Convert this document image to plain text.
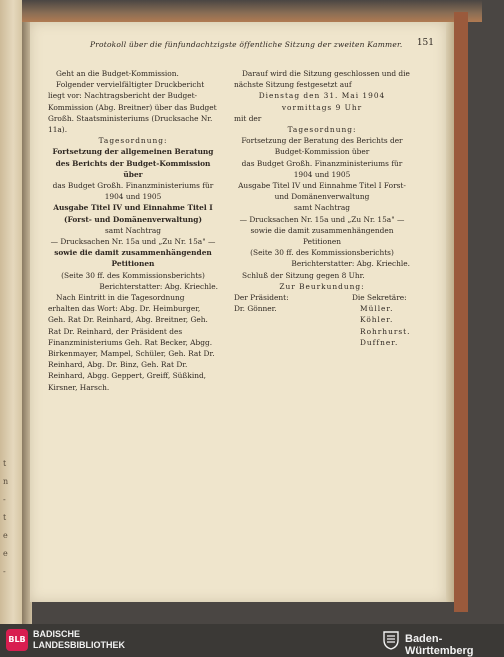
t
n
-
t
e
e
-
Protokoll über die fünfundachtzigste öffentliche Sitzung der zweiten Kammer. 151

Geht an die Budget-Kommission.

Folgender vervielfältigter Druckbericht liegt vor: Nachtragsbericht der Budget-Kommission (Abg. Breitner) über das Budget Großh. Staatsministeriums (Drucksache Nr. 11a).

Tagesordnung:

Fortsetzung der allgemeinen Beratung des Berichts der Budget-Kommission über

das Budget Großh. Finanzministeriums für 1904 und 1905

Ausgabe Titel IV und Einnahme Titel I (Forst- und Domänenverwaltung)

samt Nachtrag

— Drucksachen Nr. 15a und „Zu Nr. 15a" —

sowie die damit zusammenhängenden Petitionen

(Seite 30 ff. des Kommissionsberichts)

Berichterstatter: Abg. Kriechle.

Nach Eintritt in die Tagesordnung erhalten das Wort: Abg. Dr. Heimburger, Geh. Rat Dr. Reinhard, Abg. Breitner, Geh. Rat Dr. Reinhard, der Präsident des Finanzministeriums Geh. Rat Becker, Abgg. Birkenmayer, Mampel, Schüler, Geh. Rat Dr. Reinhard, Abg. Dr. Binz, Geh. Rat Dr. Reinhard, Abgg. Geppert, Greiff, Süßkind, Kirsner, Harsch.

Darauf wird die Sitzung geschlossen und die nächste Sitzung festgesetzt auf

Dienstag den 31. Mai 1904

vormittags 9 Uhr

mit der

Tagesordnung:

Fortsetzung der Beratung des Berichts der Budget-Kommission über

das Budget Großh. Finanzministeriums für 1904 und 1905

Ausgabe Titel IV und Einnahme Titel I Forst- und Domänenverwaltung

samt Nachtrag

— Drucksachen Nr. 15a und „Zu Nr. 15a" —

sowie die damit zusammenhängenden Petitionen

(Seite 30 ff. des Kommissionsberichts)

Berichterstatter: Abg. Kriechle.

Schluß der Sitzung gegen 8 Uhr.

Zur Beurkundung:

Der Präsident:	Die Sekretäre:
Dr. Gönner.	Müller.
Köhler.
Rohrhurst.
Duffner.
BLB
BADISCHE
LANDESBIBLIOTHEK	Baden-Württemberg
